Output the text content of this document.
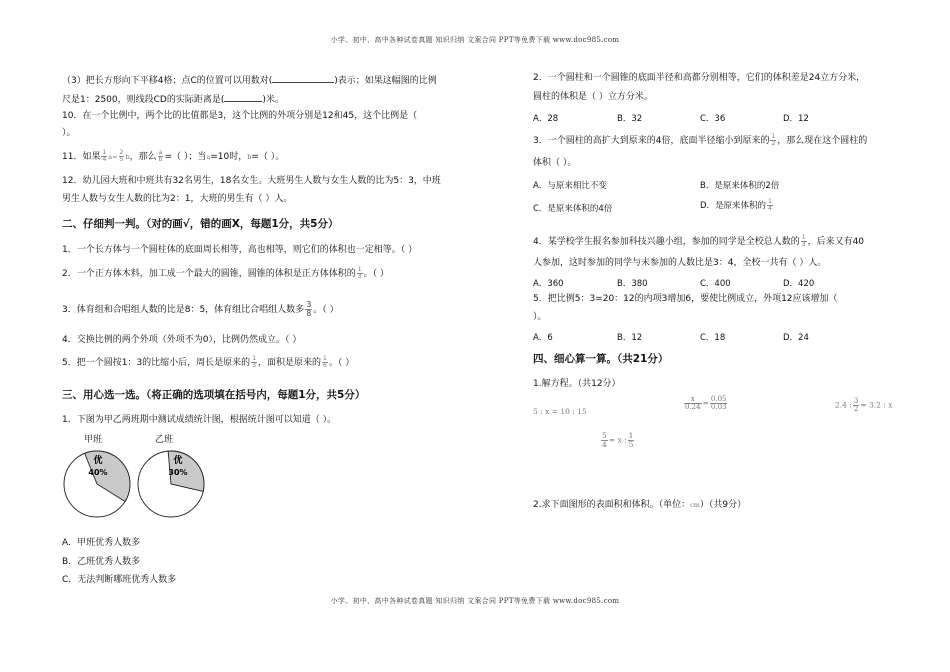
小学、初中、高中各种试卷真题 知识归纳 文案合同 PPT等免费下载 www.doc985.com
（3）把长方形向下平移4格；点C的位置可以用数对(	)表示；如果这幅图的比例
尺是1：2500，则线段CD的实际距离是(	)米。
10．在一个比例中，两个比的比值都是3，这个比例的外项分别是12和45，这个比例是（
）。
11．如果 $\frac{1}{4} a= \frac{2}{5}$ b，那么 $\frac{a}{b}$ =（ ）；当a=10时，b=（ ）。
12．幼儿园大班和中班共有32名男生，18名女生。大班男生人数与女生人数的比为5：3，中班
男生人数与女生人数的比为2：1，大班的男生有（ ）人。
二、仔细判一判。（对的画√，错的画X，每题1分，共5分）
1．一个长方体与一个圆柱体的底面周长相等，高也相等，则它们的体积也一定相等。（ ）
2．一个正方体木料，加工成一个最大的圆锥，圆锥的体积是正方体体积的 $\frac{1}{3}$ 。（ ）
3．体育组和合唱组人数的比是8：5，体育组比合唱组人数多 $\frac{3}{8}$ 。（ ）
4．交换比例的两个外项（外项不为0），比例仍然成立。（ ）
5．把一个圆按1：3的比缩小后，周长是原来的 $\frac{1}{3}$ ，面积是原来的 $\frac{1}{6}$ 。（ ）
三、用心选一选。（将正确的选项填在括号内，每题1分，共5分）
1．下图为甲乙两班期中测试成绩统计图，根据统计图可以知道（ ）。
甲班	乙班
优
40%
优
30%
A．甲班优秀人数多
B．乙班优秀人数多
C．无法判断哪班优秀人数多
2．一个圆柱和一个圆锥的底面半径和高都分别相等，它们的体积差是24立方分米，
圆柱的体积是（ ）立方分米。
A．28	B．32	C．36	D．12
3．一个圆柱的高扩大到原来的4倍，底面半径缩小到原来的 $\frac{1}{2}$ ，那么现在这个圆柱的
体积（ ）。
A．与原来相比不变	B．是原来体积的2倍
C．是原来体积的4倍	D．是原来体积的 $\frac{1}{4}$
4．某学校学生报名参加科技兴趣小组，参加的同学是全校总人数的 $\frac{1}{3}$ ，后来又有40
人参加，这时参加的同学与未参加的人数比是3：4，全校一共有（ ）人。
A．360	B．380	C．400	D．420
5．把比例5：3=20：12的内项3增加6，要使比例成立，外项12应该增加（
）。
A．6	B．12	C．18	D．24
四、细心算一算。（共21分）
1.解方程。（共12分）
5 : x = 10 : 15
$\frac{x}{0.24} = \frac{0.05}{0.03}$	2.4 : $\frac{3}{2} = 3.2$ : x
$\frac{5}{4} = x$ : $\frac{1}{5}$
2.求下面图形的表面积和体积。（单位：cm）（共9分）
小学、初中、高中各种试卷真题 知识归纳 文案合同 PPT等免费下载 www.doc985.com
